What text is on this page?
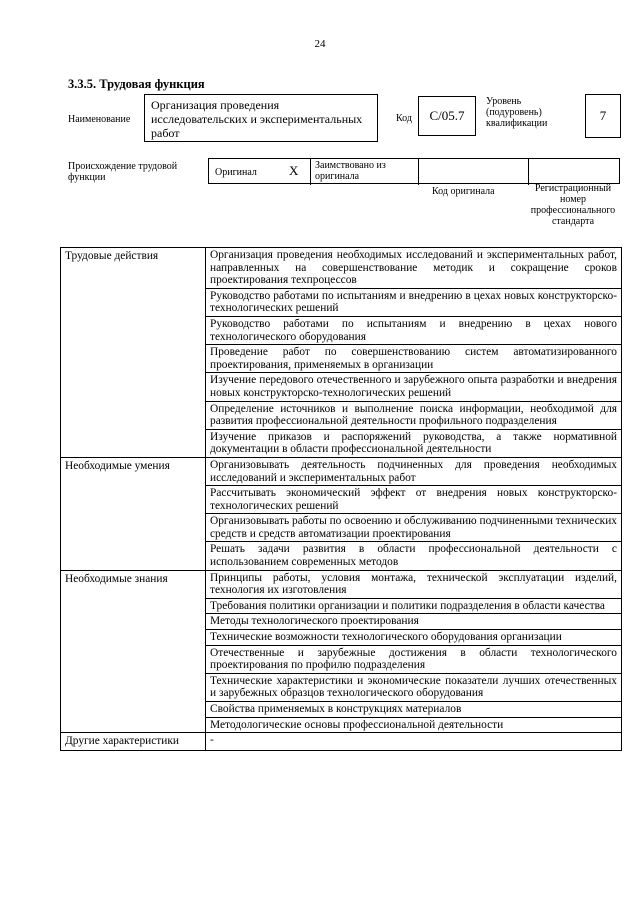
24
3.3.5. Трудовая функция
Наименование
Организация проведения исследовательских и экспериментальных работ
Код С/05.7
Уровень (подуровень) квалификации
7
Происхождение трудовой функции	Оригинал X Заимствовано из оригинала
Код оригинала	Регистрационный номер профессионального стандарта
Трудовые действия	Организация проведения необходимых исследований и экспериментальных работ, направленных на совершенствование методик и сокращение сроков проектирования техпроцессов
	Руководство работами по испытаниям и внедрению в цехах новых конструкторско-технологических решений
	Руководство работами по испытаниям и внедрению в цехах нового технологического оборудования
	Проведение работ по совершенствованию систем автоматизированного проектирования, применяемых в организации
	Изучение передового отечественного и зарубежного опыта разработки и внедрения новых конструкторско-технологических решений
	Определение источников и выполнение поиска информации, необходимой для развития профессиональной деятельности профильного подразделения
	Изучение приказов и распоряжений руководства, а также нормативной документации в области профессиональной деятельности
Необходимые умения	Организовывать деятельность подчиненных для проведения необходимых исследований и экспериментальных работ
	Рассчитывать экономический эффект от внедрения новых конструкторско-технологических решений
	Организовывать работы по освоению и обслуживанию подчиненными технических средств и средств автоматизации проектирования
	Решать задачи развития в области профессиональной деятельности с использованием современных методов
Необходимые знания	Принципы работы, условия монтажа, технической эксплуатации изделий, технология их изготовления
	Требования политики организации и политики подразделения в области качества
	Методы технологического проектирования
	Технические возможности технологического оборудования организации
	Отечественные и зарубежные достижения в области технологического проектирования по профилю подразделения
	Технические характеристики и экономические показатели лучших отечественных и зарубежных образцов технологического оборудования
	Свойства применяемых в конструкциях материалов
	Методологические основы профессиональной деятельности
Другие характеристики	-
